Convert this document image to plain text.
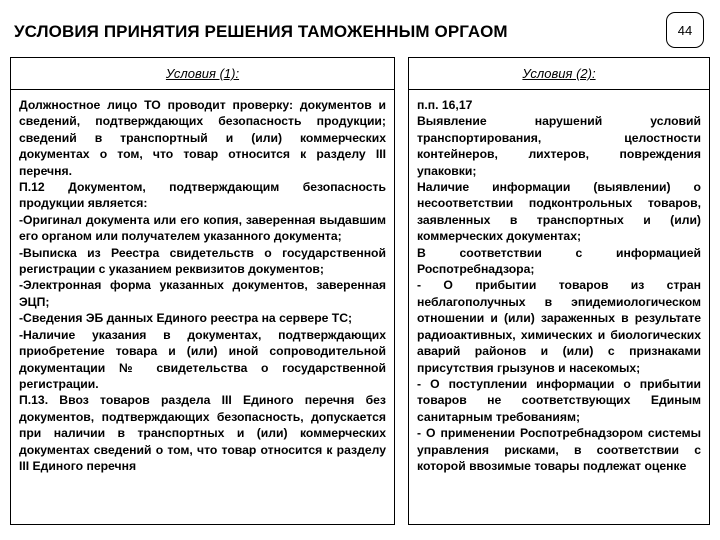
УСЛОВИЯ ПРИНЯТИЯ РЕШЕНИЯ ТАМОЖЕННЫМ ОРГАОМ	44
Условия (1):

Должностное лицо ТО проводит проверку: документов и сведений, подтверждающих безопасность продукции; сведений в транспортный и (или) коммерческих документах о том, что товар относится к разделу III перечня.

П.12 Документом, подтверждающим безопасность продукции является:

-Оригинал документа или его копия, заверенная выдавшим его органом или получателем указанного документа;

-Выписка из Реестра свидетельств о государственной регистрации с указанием реквизитов документов;

-Электронная форма указанных документов, заверенная ЭЦП;

-Сведения ЭБ данных Единого реестра на сервере ТС;

-Наличие указания в документах, подтверждающих приобретение товара и (или) иной сопроводительной документации № свидетельства о государственной регистрации.

П.13. Ввоз товаров раздела III Единого перечня без документов, подтверждающих безопасность, допускается при наличии в транспортных и (или) коммерческих документах сведений о том, что товар относится к разделу III Единого перечня

Условия (2):

п.п. 16,17

Выявление нарушений условий транспортирования, целостности контейнеров, лихтеров, повреждения упаковки;

Наличие информации (выявлении) о несоответствии подконтрольных товаров, заявленных в транспортных и (или) коммерческих документах;

В соответствии с информацией Роспотребнадзора;

- О прибытии товаров из стран неблагополучных в эпидемиологическом отношении и (или) зараженных в результате радиоактивных, химических и биологических аварий районов и (или) с признаками присутствия грызунов и насекомых;

- О поступлении информации о прибытии товаров не соответствующих Единым санитарным требованиям;

- О применении Роспотребнадзором системы управления рисками, в соответствии с которой ввозимые товары подлежат оценке
